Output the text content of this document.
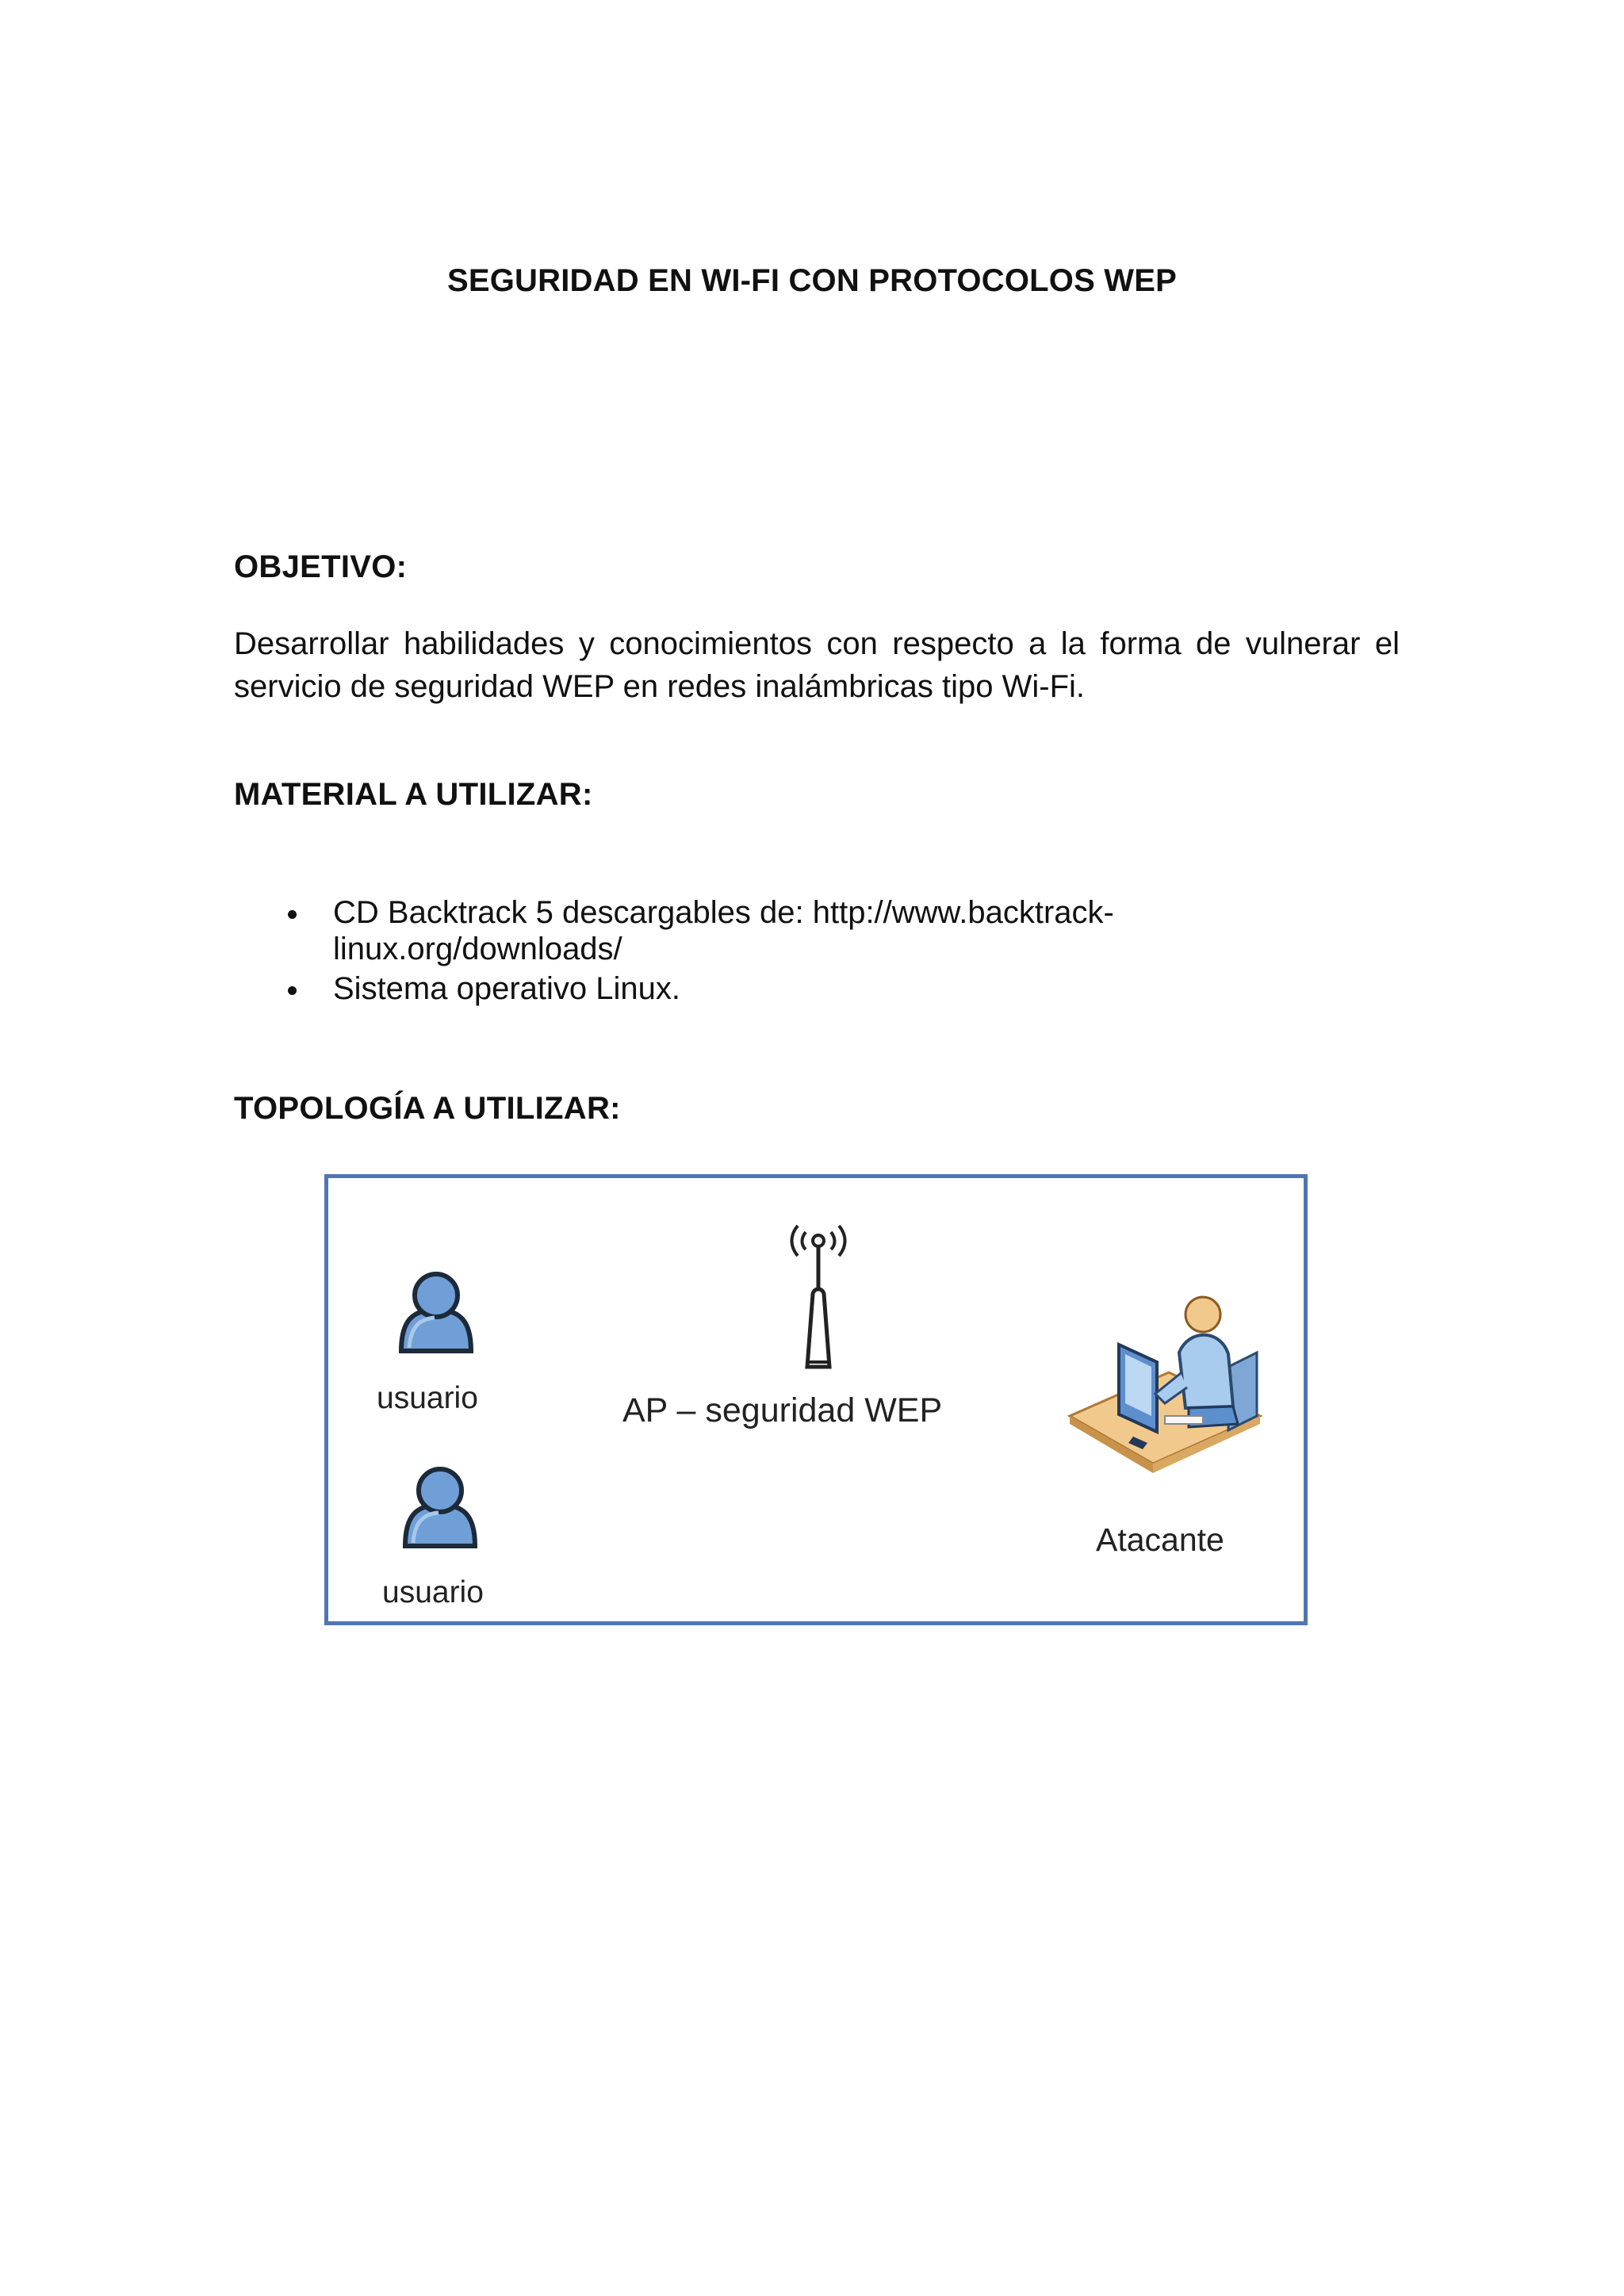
SEGURIDAD EN WI-FI CON PROTOCOLOS WEP
OBJETIVO:
Desarrollar habilidades y conocimientos con respecto a la forma de vulnerar el servicio de seguridad WEP en redes inalámbricas tipo Wi-Fi.
MATERIAL A UTILIZAR:
CD Backtrack 5 descargables de: http://www.backtrack-linux.org/downloads/
Sistema operativo Linux.
TOPOLOGÍA A UTILIZAR:
usuario
usuario
AP – seguridad WEP
Atacante
